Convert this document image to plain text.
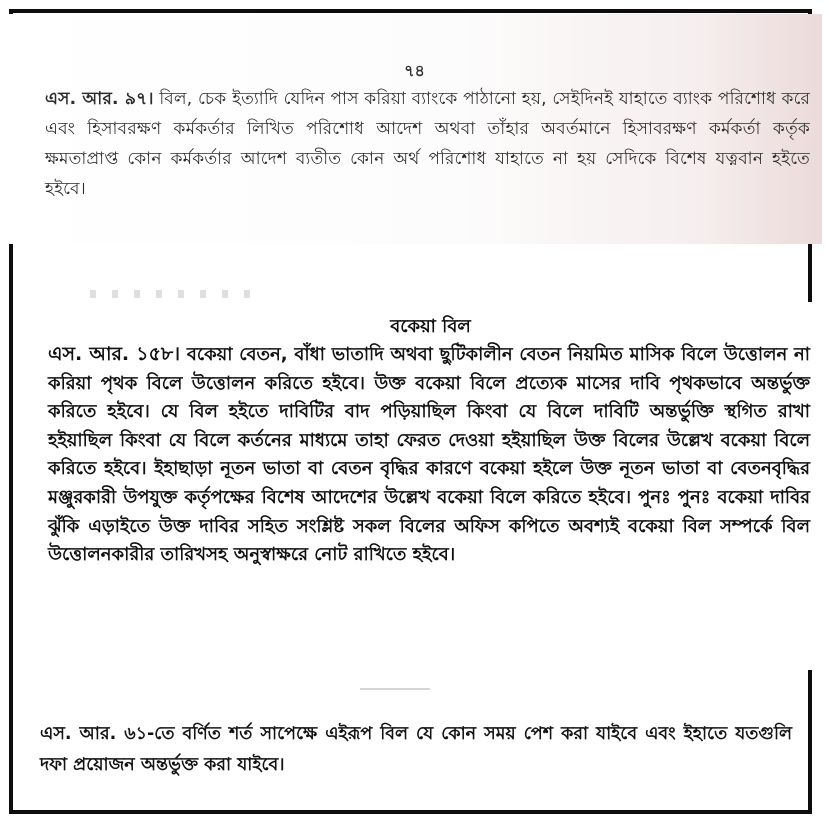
৭৪

এস. আর. ৯৭। বিল, চেক ইত্যাদি যেদিন পাস করিয়া ব্যাংকে পাঠানো হয়, সেইদিনই যাহাতে ব্যাংক পরিশোধ করে এবং হিসাবরক্ষণ কর্মকর্তার লিখিত পরিশোধ আদেশ অথবা তাঁহার অবর্তমানে হিসাবরক্ষণ কর্মকর্তা কর্তৃক ক্ষমতাপ্রাপ্ত কোন কর্মকর্তার আদেশ ব্যতীত কোন অর্থ পরিশোধ যাহাতে না হয় সেদিকে বিশেষ যত্নবান হইতে হইবে।

বকেয়া বিল

এস. আর. ১৫৮। বকেয়া বেতন, বাঁধা ভাতাদি অথবা ছুটিকালীন বেতন নিয়মিত মাসিক বিলে উত্তোলন না করিয়া পৃথক বিলে উত্তোলন করিতে হইবে। উক্ত বকেয়া বিলে প্রত্যেক মাসের দাবি পৃথকভাবে অন্তর্ভুক্ত করিতে হইবে। যে বিল হইতে দাবিটির বাদ পড়িয়াছিল কিংবা যে বিলে দাবিটি অন্তর্ভুক্তি স্থগিত রাখা হইয়াছিল কিংবা যে বিলে কর্তনের মাধ্যমে তাহা ফেরত দেওয়া হইয়াছিল উক্ত বিলের উল্লেখ বকেয়া বিলে করিতে হইবে। ইহাছাড়া নূতন ভাতা বা বেতন বৃদ্ধির কারণে বকেয়া হইলে উক্ত নূতন ভাতা বা বেতনবৃদ্ধির মঞ্জুরকারী উপযুক্ত কর্তৃপক্ষের বিশেষ আদেশের উল্লেখ বকেয়া বিলে করিতে হইবে। পুনঃ পুনঃ বকেয়া দাবির ঝুঁকি এড়াইতে উক্ত দাবির সহিত সংশ্লিষ্ট সকল বিলের অফিস কপিতে অবশ্যই বকেয়া বিল সম্পর্কে বিল উত্তোলনকারীর তারিখসহ অনুস্বাক্ষরে নোট রাখিতে হইবে।

এস. আর. ৬১-তে বর্ণিত শর্ত সাপেক্ষে এইরূপ বিল যে কোন সময় পেশ করা যাইবে এবং ইহাতে যতগুলি দফা প্রয়োজন অন্তর্ভুক্ত করা যাইবে।
